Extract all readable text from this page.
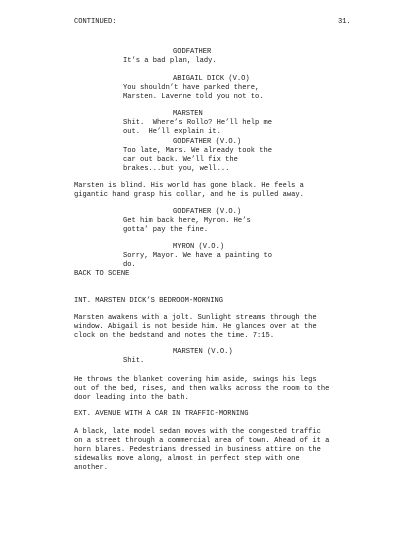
CONTINUED:	31.
GODFATHER
It’s a bad plan, lady.
ABIGAIL DICK (V.O)
You shouldn’t have parked there,
Marsten. Laverne told you not to.
MARSTEN
Shit.  Where’s Rollo? He’ll help me
out.  He’ll explain it.
GODFATHER (V.O.)
Too late, Mars. We already took the
car out back. We’ll fix the
brakes...but you, well...
Marsten is blind. His world has gone black. He feels a
gigantic hand grasp his collar, and he is pulled away.
GODFATHER (V.O.)
Get him back here, Myron. He’s
gotta’ pay the fine.
MYRON (V.O.)
Sorry, Mayor. We have a painting to
do.
BACK TO SCENE
INT. MARSTEN DICK’S BEDROOM-MORNING
Marsten awakens with a jolt. Sunlight streams through the
window. Abigail is not beside him. He glances over at the
clock on the bedstand and notes the time. 7:15.
MARSTEN (V.O.)
Shit.
He throws the blanket covering him aside, swings his legs
out of the bed, rises, and then walks across the room to the
door leading into the bath.
EXT. AVENUE WITH A CAR IN TRAFFIC-MORNING
A black, late model sedan moves with the congested traffic
on a street through a commercial area of town. Ahead of it a
horn blares. Pedestrians dressed in business attire on the
sidewalks move along, almost in perfect step with one
another.
